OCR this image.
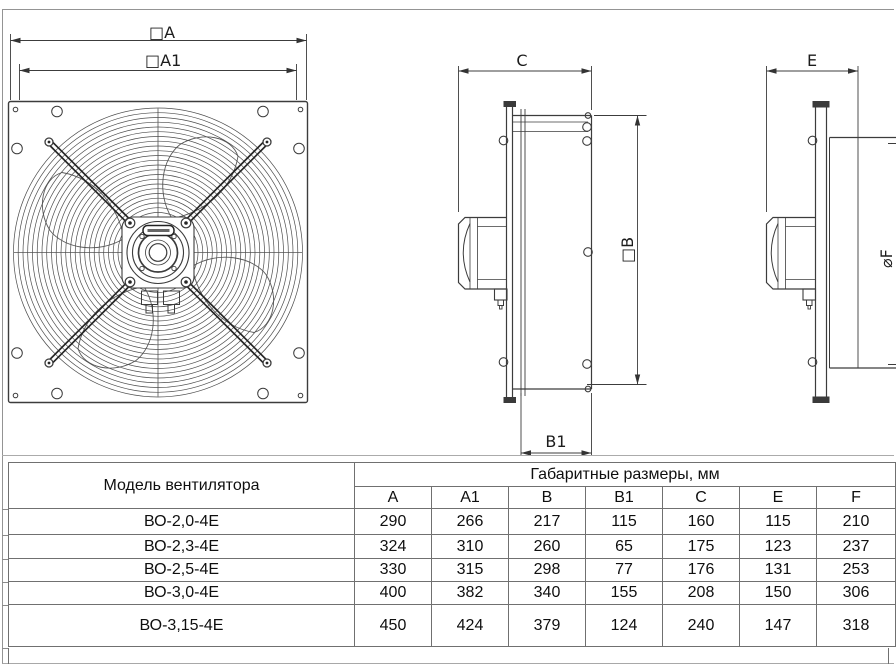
□A
□A1	C
□B
B1
E
⌀F
Модель вентилятора	Габаритные размеры, мм						
	A	A1	B	B1	C	E	F
ВО-2,0-4Е	290	266	217	115	160	115	210
ВО-2,3-4Е	324	310	260	65	175	123	237
ВО-2,5-4Е	330	315	298	77	176	131	253
ВО-3,0-4Е	400	382	340	155	208	150	306
ВО-3,15-4Е	450	424	379	124	240	147	318
